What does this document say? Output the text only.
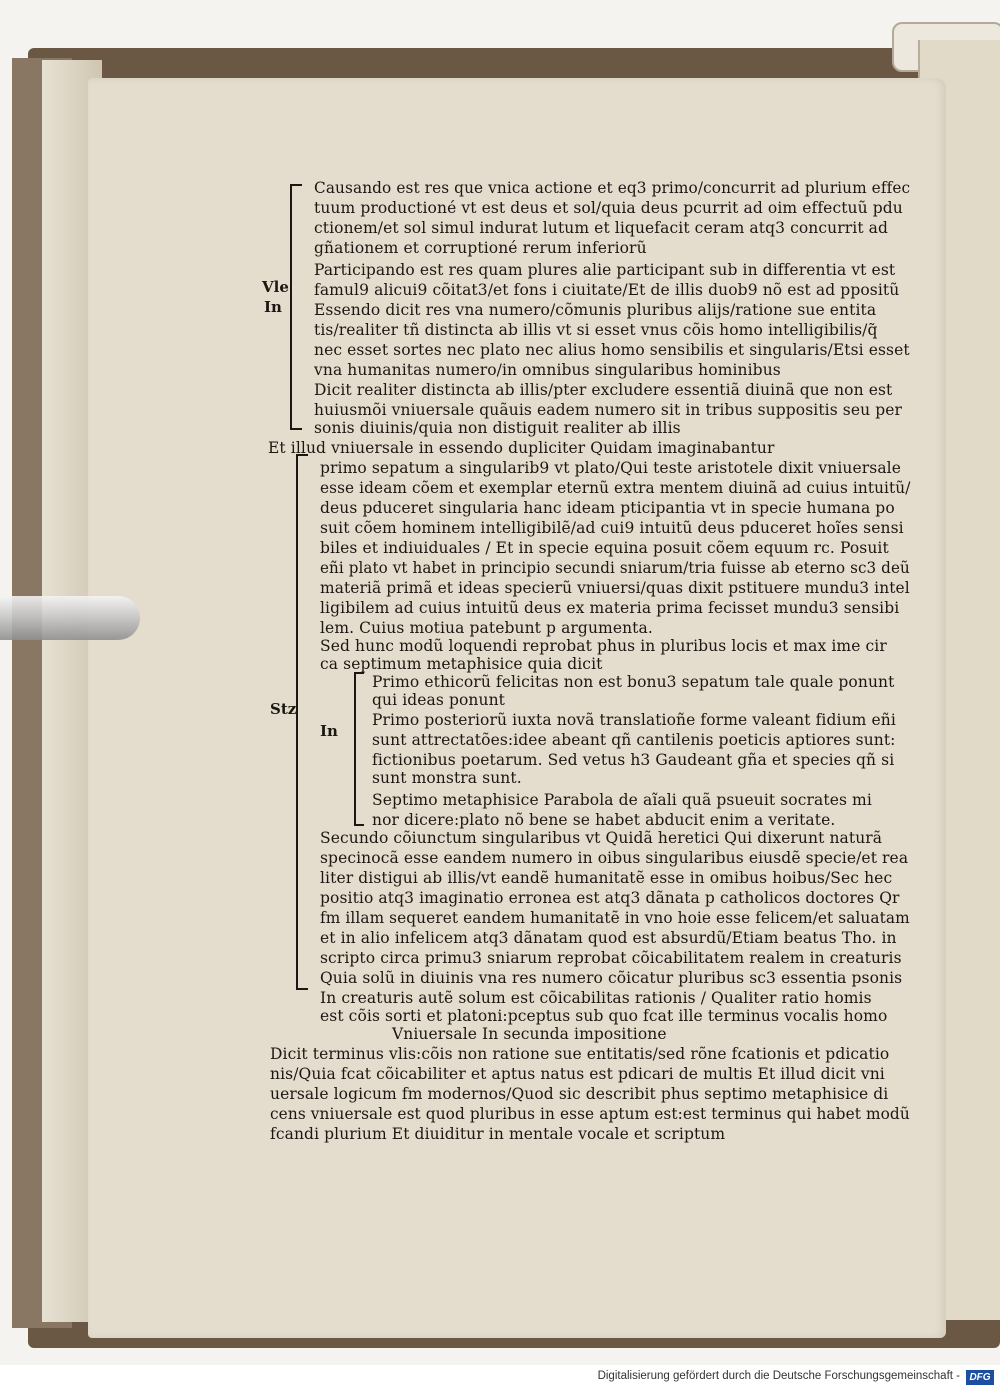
Vle

In

Stz

In

Causando est res que vnica actione et eq3 primo/concurrit ad plurium effec

tuum productioné vt est deus et sol/quia deus pcurrit ad oim effectuũ pdu

ctionem/et sol simul indurat lutum et liquefacit ceram atq3 concurrit ad

gñationem et corruptioné rerum inferiorũ

Participando est res quam plures alie participant sub in differentia vt est

famul9 alicui9 cõitat3/et fons i ciuitate/Et de illis duob9 nõ est ad ppositũ

Essendo dicit res vna numero/cõmunis pluribus alijs/ratione sue entita

tis/realiter tñ distincta ab illis vt si esset vnus cõis homo intelligibilis/q̃

nec esset sortes nec plato nec alius homo sensibilis et singularis/Etsi esset

vna humanitas numero/in omnibus singularibus hominibus

Dicit realiter distincta ab illis/pter excludere essentiã diuinã que non est

huiusmõi vniuersale quãuis eadem numero sit in tribus suppositis seu per

sonis diuinis/quia non distiguit realiter ab illis

Et illud vniuersale in essendo dupliciter Quidam imaginabantur

primo sepatum a singularib9 vt plato/Qui teste aristotele dixit vniuersale

esse ideam cõem et exemplar eternũ extra mentem diuinã ad cuius intuitũ/

deus pduceret singularia hanc ideam pticipantia vt in specie humana po

suit cõem hominem intelligibilẽ/ad cui9 intuitũ deus pduceret hoĩes sensi

biles et indiuiduales / Et in specie equina posuit cõem equum rc. Posuit

eñi plato vt habet in principio secundi sniarum/tria fuisse ab eterno sc3 deũ

materiã primã et ideas specierũ vniuersi/quas dixit pstituere mundu3 intel

ligibilem ad cuius intuitũ deus ex materia prima fecisset mundu3 sensibi

lem. Cuius motiua patebunt p argumenta.

Sed hunc modũ loquendi reprobat phus in pluribus locis et max ime cir

ca septimum metaphisice quia dicit

Primo ethicorũ felicitas non est bonu3 sepatum tale quale ponunt

qui ideas ponunt

Primo posteriorũ iuxta novã translatioñe forme valeant fidium eñi

sunt attrectatões:idee abeant qñ cantilenis poeticis aptiores sunt:

fictionibus poetarum. Sed vetus h3 Gaudeant gña et species qñ si

sunt monstra sunt.

Septimo metaphisice Parabola de aĩali quã psueuit socrates mi

nor dicere:plato nõ bene se habet abducit enim a veritate.

Secundo cõiunctum singularibus vt Quidã heretici Qui dixerunt naturã

specinocã esse eandem numero in oibus singularibus eiusdẽ specie/et rea

liter distigui ab illis/vt eandẽ humanitatẽ esse in omibus hoibus/Sec hec

positio atq3 imaginatio erronea est atq3 dãnata p catholicos doctores Qr

fm illam sequeret eandem humanitatẽ in vno hoie esse felicem/et saluatam

et in alio infelicem atq3 dãnatam quod est absurdũ/Etiam beatus Tho. in

scripto circa primu3 sniarum reprobat cõicabilitatem realem in creaturis

Quia solũ in diuinis vna res numero cõicatur pluribus sc3 essentia psonis

In creaturis autẽ solum est cõicabilitas rationis / Qualiter ratio homis

est cõis sorti et platoni:pceptus sub quo fcat ille terminus vocalis homo

Vniuersale In secunda impositione

Dicit terminus vlis:cõis non ratione sue entitatis/sed rõne fcationis et pdicatio

nis/Quia fcat cõicabiliter et aptus natus est pdicari de multis Et illud dicit vni

uersale logicum fm modernos/Quod sic describit phus septimo metaphisice di

cens vniuersale est quod pluribus in esse aptum est:est terminus qui habet modũ

fcandi plurium Et diuiditur in mentale vocale et scriptum

Digitalisierung gefördert durch die Deutsche Forschungsgemeinschaft - DFG
